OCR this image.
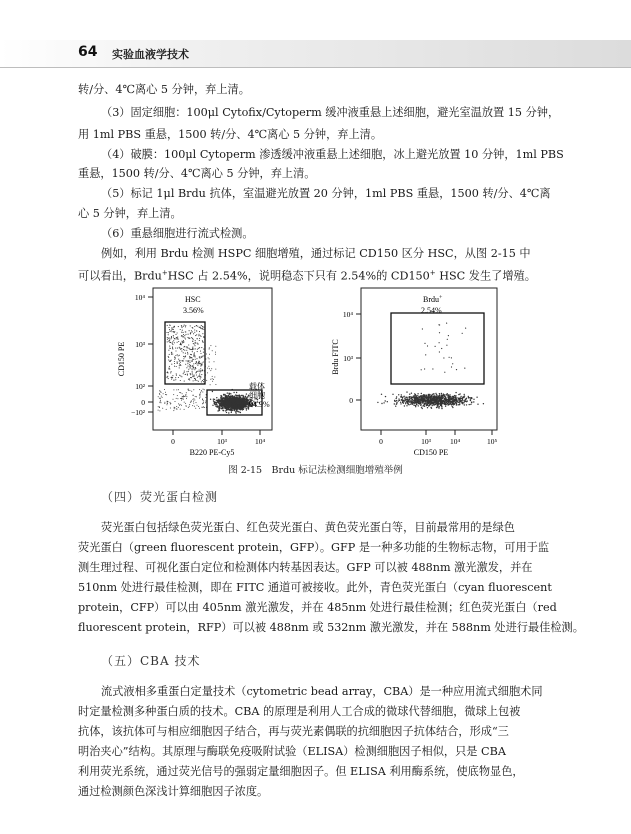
64 实验血液学技术

转/分、4℃离心 5 分钟，弃上清。

（3）固定细胞：100μl Cytofix/Cytoperm 缓冲液重悬上述细胞，避光室温放置 15 分钟，

用 1ml PBS 重悬，1500 转/分、4℃离心 5 分钟，弃上清。

（4）破膜：100μl Cytoperm 渗透缓冲液重悬上述细胞，冰上避光放置 10 分钟，1ml PBS

重悬，1500 转/分、4℃离心 5 分钟，弃上清。

（5）标记 1μl Brdu 抗体，室温避光放置 20 分钟，1ml PBS 重悬，1500 转/分、4℃离

心 5 分钟，弃上清。

（6）重悬细胞进行流式检测。

例如，利用 Brdu 检测 HSPC 细胞增殖，通过标记 CD150 区分 HSC，从图 2-15 中

可以看出，Brdu+HSC 占 2.54%，说明稳态下只有 2.54%的 CD150+ HSC 发生了增殖。

HSC
3.56%
载体
细胞
94.9%
10⁴
10³
10²
0
−10²
0	10³	10⁴
B220 PE-Cy5
CD150 PE
Brdu+
2.54%
10⁴
10³
0
0	10³	10⁴	10⁵
CD150 PE
Brdu FITC
图 2-15　Brdu 标记法检测细胞增殖举例

（四）荧光蛋白检测

荧光蛋白包括绿色荧光蛋白、红色荧光蛋白、黄色荧光蛋白等，目前最常用的是绿色

荧光蛋白（green fluorescent protein，GFP）。GFP 是一种多功能的生物标志物，可用于监

测生理过程、可视化蛋白定位和检测体内转基因表达。GFP 可以被 488nm 激光激发，并在

510nm 处进行最佳检测，即在 FITC 通道可被接收。此外，青色荧光蛋白（cyan fluorescent

protein，CFP）可以由 405nm 激光激发，并在 485nm 处进行最佳检测；红色荧光蛋白（red

fluorescent protein，RFP）可以被 488nm 或 532nm 激光激发，并在 588nm 处进行最佳检测。

（五）CBA 技术

流式液相多重蛋白定量技术（cytometric bead array，CBA）是一种应用流式细胞术同

时定量检测多种蛋白质的技术。CBA 的原理是利用人工合成的微球代替细胞，微球上包被

抗体，该抗体可与相应细胞因子结合，再与荧光素偶联的抗细胞因子抗体结合，形成“三

明治夹心”结构。其原理与酶联免疫吸附试验（ELISA）检测细胞因子相似，只是 CBA

利用荧光系统，通过荧光信号的强弱定量细胞因子。但 ELISA 利用酶系统，使底物显色，

通过检测颜色深浅计算细胞因子浓度。
